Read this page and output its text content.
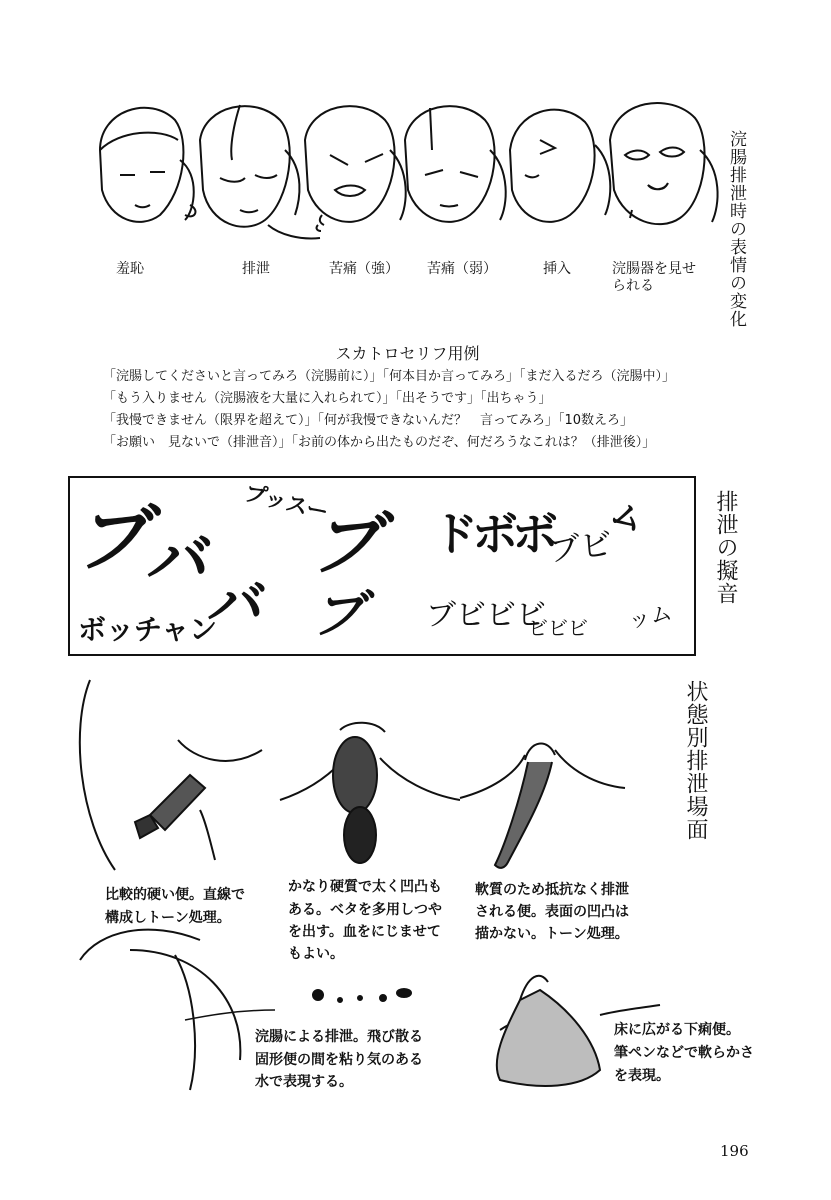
浣腸排泄時の表情の変化
羞恥	排泄	苦痛（強） 苦痛（弱）	挿入	浣腸器を見せ
られる
スカトロセリフ用例
「浣腸してくださいと言ってみろ（浣腸前に）」「何本目か言ってみろ」「まだ入るだろ（浣腸中）」
「もう入りません（浣腸液を大量に入れられて）」「出そうです」「出ちゃう」
「我慢できません（限界を超えて）」「何が我慢できないんだ？　言ってみろ」「10数えろ」
「お願い　見ないで（排泄音）」「お前の体から出たものだぞ、何だろうなこれは？（排泄後）」
ブ
バ
バ
プッスー
ブ
ブ
ドボボ
ブビ
ム
ボッチャン	ブビビビ
ビビビ ッム
排泄の擬音
状態別排泄場面
比較的硬い便。直線で
構成しトーン処理。
かなり硬質で太く凹凸も
ある。ベタを多用しつや
を出す。血をにじませて
もよい。
軟質のため抵抗なく排泄
される便。表面の凹凸は
描かない。トーン処理。
浣腸による排泄。飛び散る
固形便の間を粘り気のある
水で表現する。
床に広がる下痢便。
筆ペンなどで軟らかさ
を表現。
196
